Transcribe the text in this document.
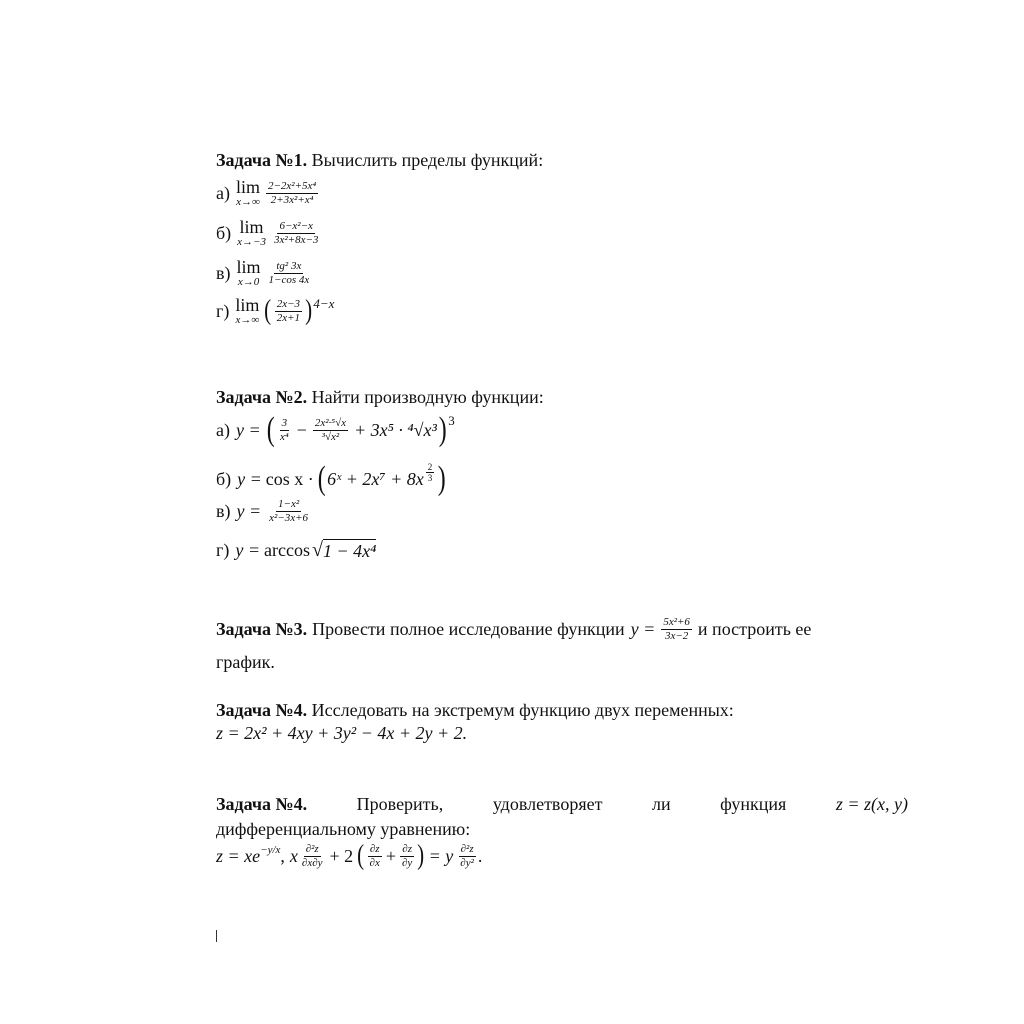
Задача №1. Вычислить пределы функций:
а) lim
$x\to\infty \frac{\text{2−2x²+5x⁴}}{\text{2+3x²+x⁴}}$
б) lim
$x\to-3 \frac{\text{6−x²−x}}{\text{3x²+8x−3}}$
в) lim
$x\to 0 \frac{\text{tg² 3x}}{1-\cos 4x}$
г) lim
x→∞ ( $\frac{2x-3}{2x+1} )^{4-x}$
Задача №2. Найти производную функции:
а) y = ( $\frac{3}{\text{x⁴}} - \frac{\text{2x²·⁵√x}}{\text{³√x²}} + 3x^5 \cdot ^4√x^3$ )$^3$
б) y = cos x · ( 6ˣ + $2x^7 + 8x \frac{2}{3}$ )
в) $y = \frac{\text{1−x²}}{\text{x²−3x+6}}$
г) y = arccos √ 1 − 4x⁴
Задача №3. Провести полное исследование функции $y = \frac{\text{5x²+6}}{3x-2}$ и построить ее
график.
Задача №4. Исследовать на экстремум функцию двух переменных:
z = 2x² + 4xy + 3y² − 4x + 2y + 2.
Задача №4.	Проверить,	удовлетворяет	ли	функция	z = z(x, y)
дифференциальному уравнению:
$z = xe^{-y/x}$ , x $\frac{\text{∂²z}}{\partial x\partial y} + 2$ ( $\frac{\partial z}{\partial x} + \frac{\partial z}{\partial y}$ ) = y $\frac{\text{∂²z}}{\text{∂y²}}$ .
